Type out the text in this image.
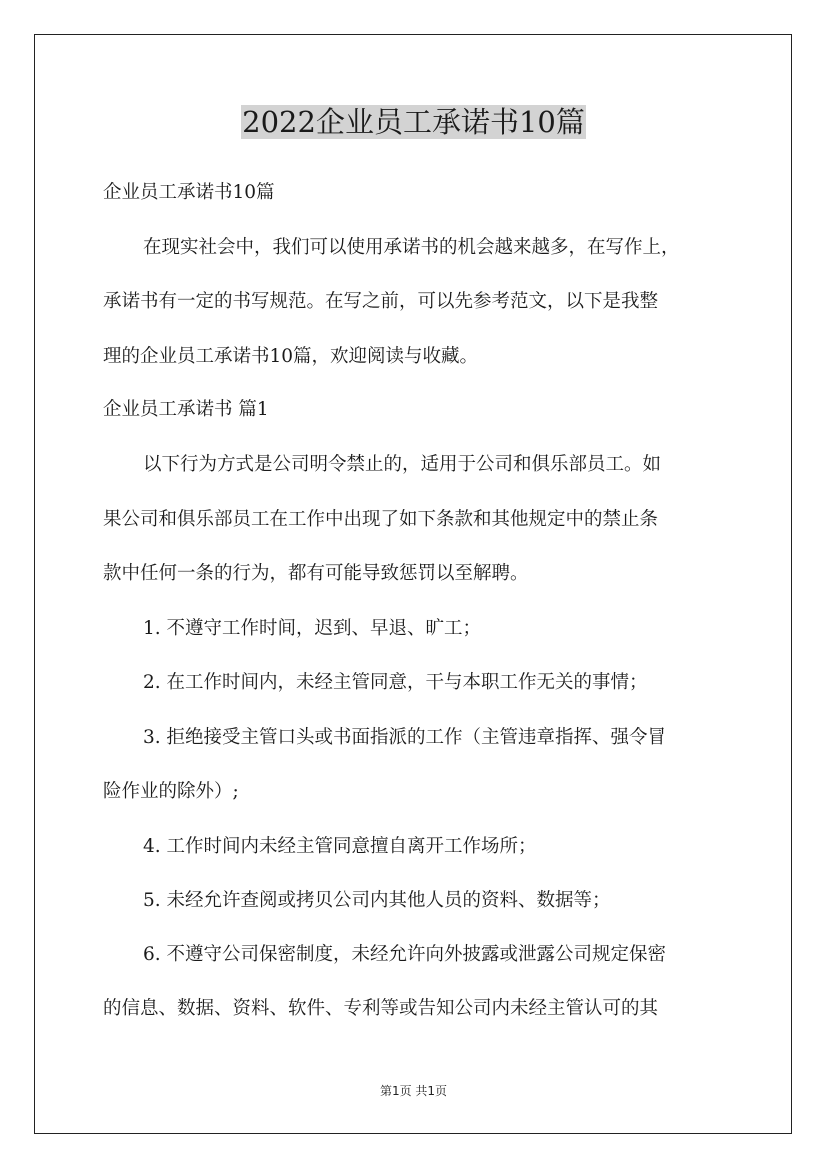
2022企业员工承诺书10篇
企业员工承诺书10篇
在现实社会中，我们可以使用承诺书的机会越来越多，在写作上，
承诺书有一定的书写规范。在写之前，可以先参考范文，以下是我整
理的企业员工承诺书10篇，欢迎阅读与收藏。
企业员工承诺书 篇1
以下行为方式是公司明令禁止的，适用于公司和俱乐部员工。如
果公司和俱乐部员工在工作中出现了如下条款和其他规定中的禁止条
款中任何一条的行为，都有可能导致惩罚以至解聘。
1. 不遵守工作时间，迟到、早退、旷工；
2. 在工作时间内，未经主管同意，干与本职工作无关的事情；
3. 拒绝接受主管口头或书面指派的工作（主管违章指挥、强令冒
险作业的除外）;
4. 工作时间内未经主管同意擅自离开工作场所；
5. 未经允许查阅或拷贝公司内其他人员的资料、数据等；
6. 不遵守公司保密制度，未经允许向外披露或泄露公司规定保密
的信息、数据、资料、软件、专利等或告知公司内未经主管认可的其
第1页 共1页
